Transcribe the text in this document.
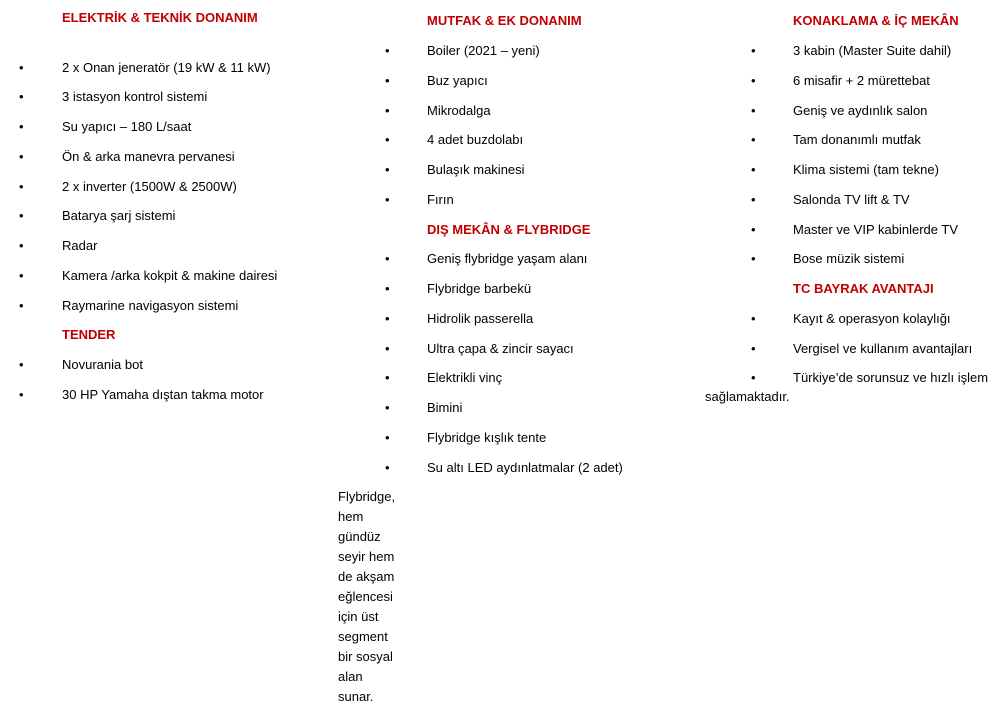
ELEKTRİK & TEKNİK DONANIM
•	2 x Onan jeneratör (19 kW & 11 kW)
•	3 istasyon kontrol sistemi
•	Su yapıcı – 180 L/saat
•	Ön & arka manevra pervanesi
•	2 x inverter (1500W & 2500W)
•	Batarya şarj sistemi
•	Radar
•	Kamera /arka kokpit & makine dairesi
•	Raymarine navigasyon sistemi
TENDER
•	Novurania bot
•	30 HP Yamaha dıştan takma motor
MUTFAK & EK DONANIM
•	Boiler (2021 – yeni)
•	Buz yapıcı
•	Mikrodalga
•	4 adet buzdolabı
•	Bulaşık makinesi
•	Fırın
DIŞ MEKÂN & FLYBRIDGE
•	Geniş flybridge yaşam alanı
•	Flybridge barbekü
•	Hidrolik passerella
•	Ultra çapa & zincir sayacı
•	Elektrikli vinç
•	Bimini
•	Flybridge kışlık tente
•	Su altı LED aydınlatmalar (2 adet)
Flybridge, hem gündüz seyir hem de akşam
eğlencesi için üst segment bir sosyal alan sunar.
KONAKLAMA & İÇ MEKÂN
•	3 kabin (Master Suite dahil)
•	6 misafir + 2 mürettebat
•	Geniş ve aydınlık salon
•	Tam donanımlı mutfak
•	Klima sistemi (tam tekne)
•	Salonda TV lift & TV
•	Master ve VIP kabinlerde TV
•	Bose müzik sistemi
TC BAYRAK AVANTAJI
•	Kayıt & operasyon kolaylığı
•	Vergisel ve kullanım avantajları
•	Türkiye’de sorunsuz ve hızlı işlem
sağlamaktadır.
